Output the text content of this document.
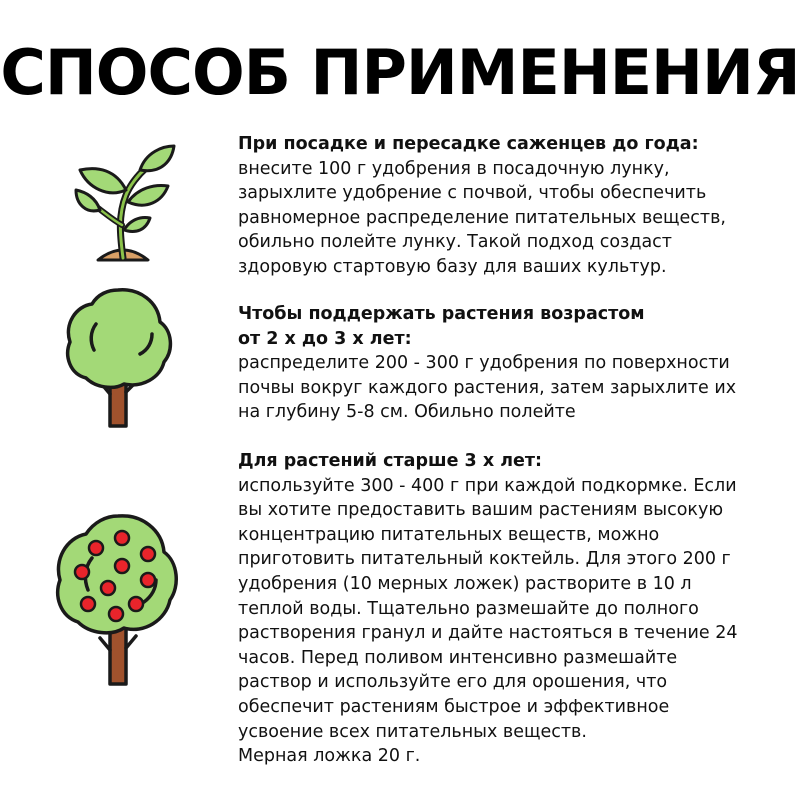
СПОСОБ ПРИМЕНЕНИЯ
При посадке и пересадке саженцев до года:
внесите 100 г удобрения в посадочную лунку,
зарыхлите удобрение с почвой, чтобы обеспечить
равномерное распределение питательных веществ,
обильно полейте лунку. Такой подход создаст
здоровую стартовую базу для ваших культур.
Чтобы поддержать растения возрастом
от 2 х до 3 х лет:
распределите 200 - 300 г удобрения по поверхности
почвы вокруг каждого растения, затем зарыхлите их
на глубину 5-8 см. Обильно полейте
Для растений старше 3 х лет:
используйте 300 - 400 г при каждой подкормке. Если
вы хотите предоставить вашим растениям высокую
концентрацию питательных веществ, можно
приготовить питательный коктейль. Для этого 200 г
удобрения (10 мерных ложек) растворите в 10 л
теплой воды. Тщательно размешайте до полного
растворения гранул и дайте настояться в течение 24
часов. Перед поливом интенсивно размешайте
раствор и используйте его для орошения, что
обеспечит растениям быстрое и эффективное
усвоение всех питательных веществ.
Мерная ложка 20 г.
